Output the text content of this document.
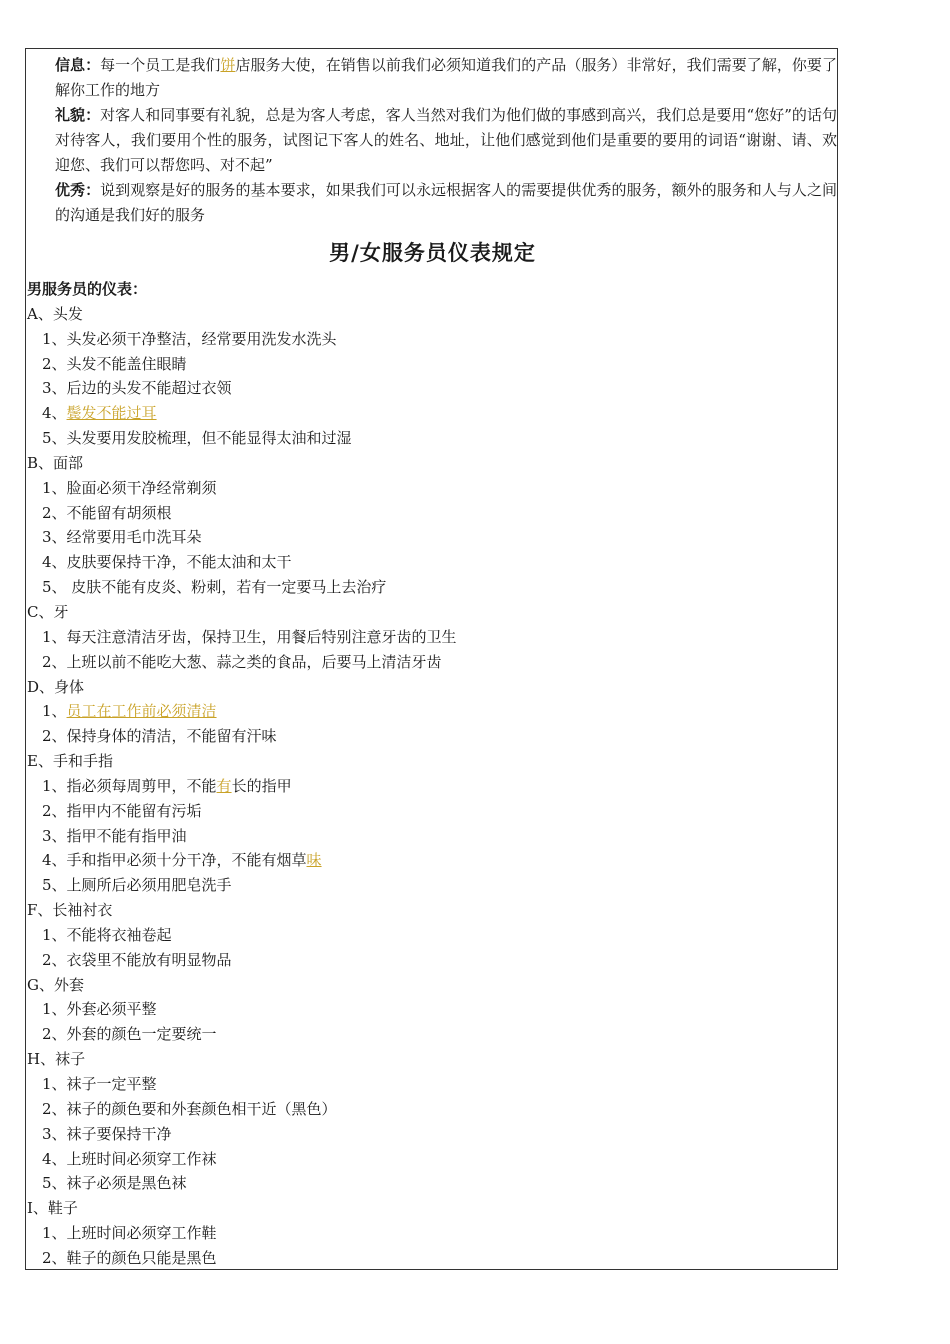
信息：每一个员工是我们饼店服务大使，在销售以前我们必须知道我们的产品（服务）非常好，我们需要了解，你要了解你工作的地方

礼貌：对客人和同事要有礼貌，总是为客人考虑，客人当然对我们为他们做的事感到高兴，我们总是要用“您好”的话句对待客人，我们要用个性的服务，试图记下客人的姓名、地址，让他们感觉到他们是重要的要用的词语“谢谢、请、欢迎您、我们可以帮您吗、对不起”

优秀：说到观察是好的服务的基本要求，如果我们可以永远根据客人的需要提供优秀的服务，额外的服务和人与人之间的沟通是我们好的服务

男/女服务员仪表规定

男服务员的仪表：

A、头发

1、头发必须干净整洁，经常要用洗发水洗头

2、头发不能盖住眼睛

3、后边的头发不能超过衣领

4、鬓发不能过耳

5、头发要用发胶梳理，但不能显得太油和过湿

B、面部

1、脸面必须干净经常剃须

2、不能留有胡须根

3、经常要用毛巾洗耳朵

4、皮肤要保持干净，不能太油和太干

5、 皮肤不能有皮炎、粉刺，若有一定要马上去治疗

C、牙

1、每天注意清洁牙齿，保持卫生，用餐后特别注意牙齿的卫生

2、上班以前不能吃大葱、蒜之类的食品，后要马上清洁牙齿

D、身体

1、员工在工作前必须清洁

2、保持身体的清洁，不能留有汗味

E、手和手指

1、指必须每周剪甲，不能有长的指甲

2、指甲内不能留有污垢

3、指甲不能有指甲油

4、手和指甲必须十分干净，不能有烟草味

5、上厕所后必须用肥皂洗手

F、长袖衬衣

1、不能将衣袖卷起

2、衣袋里不能放有明显物品

G、外套

1、外套必须平整

2、外套的颜色一定要统一

H、袜子

1、袜子一定平整

2、袜子的颜色要和外套颜色相干近（黑色）

3、袜子要保持干净

4、上班时间必须穿工作袜

5、袜子必须是黑色袜

I、鞋子

1、上班时间必须穿工作鞋

2、鞋子的颜色只能是黑色
